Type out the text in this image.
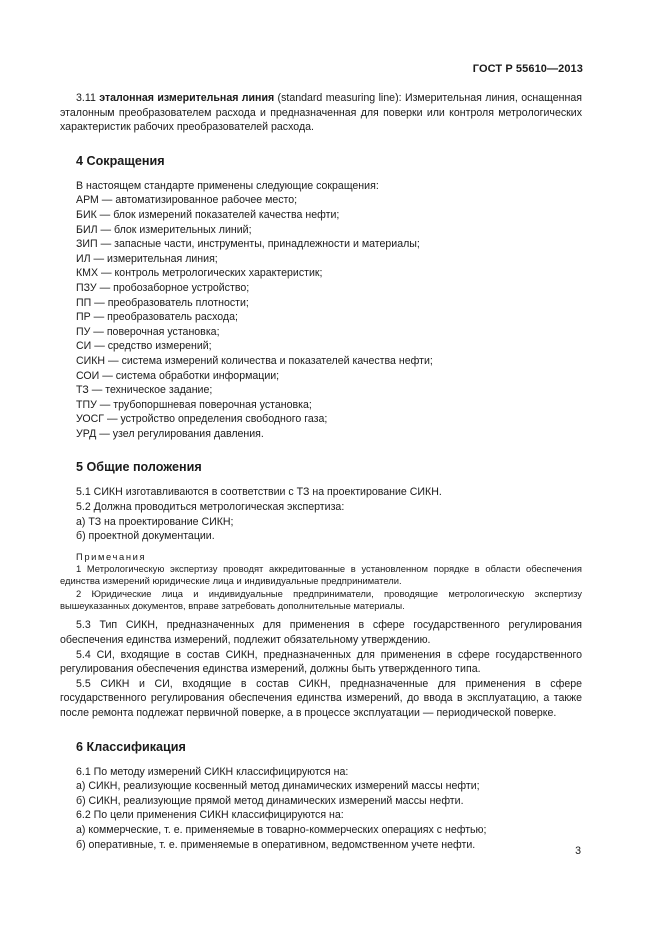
ГОСТ Р 55610—2013

3.11 эталонная измерительная линия (standard measuring line): Измерительная линия, оснащенная эталонным преобразователем расхода и предназначенная для поверки или контроля метрологических характеристик рабочих преобразователей расхода.

4 Сокращения

В настоящем стандарте применены следующие сокращения:

АРМ — автоматизированное рабочее место;

БИК — блок измерений показателей качества нефти;

БИЛ — блок измерительных линий;

ЗИП — запасные части, инструменты, принадлежности и материалы;

ИЛ — измерительная линия;

КМХ — контроль метрологических характеристик;

ПЗУ — пробозаборное устройство;

ПП — преобразователь плотности;

ПР — преобразователь расхода;

ПУ — поверочная установка;

СИ — средство измерений;

СИКН — система измерений количества и показателей качества нефти;

СОИ — система обработки информации;

ТЗ — техническое задание;

ТПУ — трубопоршневая поверочная установка;

УОСГ — устройство определения свободного газа;

УРД — узел регулирования давления.

5 Общие положения

5.1 СИКН изготавливаются в соответствии с ТЗ на проектирование СИКН.

5.2 Должна проводиться метрологическая экспертиза:

а) ТЗ на проектирование СИКН;

б) проектной документации.

Примечания

1 Метрологическую экспертизу проводят аккредитованные в установленном порядке в области обеспечения единства измерений юридические лица и индивидуальные предприниматели.

2 Юридические лица и индивидуальные предприниматели, проводящие метрологическую экспертизу вышеуказанных документов, вправе затребовать дополнительные материалы.

5.3 Тип СИКН, предназначенных для применения в сфере государственного регулирования обеспечения единства измерений, подлежит обязательному утверждению.

5.4 СИ, входящие в состав СИКН, предназначенных для применения в сфере государственного регулирования обеспечения единства измерений, должны быть утвержденного типа.

5.5 СИКН и СИ, входящие в состав СИКН, предназначенные для применения в сфере государственного регулирования обеспечения единства измерений, до ввода в эксплуатацию, а также после ремонта подлежат первичной поверке, а в процессе эксплуатации — периодической поверке.

6 Классификация

6.1 По методу измерений СИКН классифицируются на:

а) СИКН, реализующие косвенный метод динамических измерений массы нефти;

б) СИКН, реализующие прямой метод динамических измерений массы нефти.

6.2 По цели применения СИКН классифицируются на:

а) коммерческие, т. е. применяемые в товарно-коммерческих операциях с нефтью;

б) оперативные, т. е. применяемые в оперативном, ведомственном учете нефти.

3
